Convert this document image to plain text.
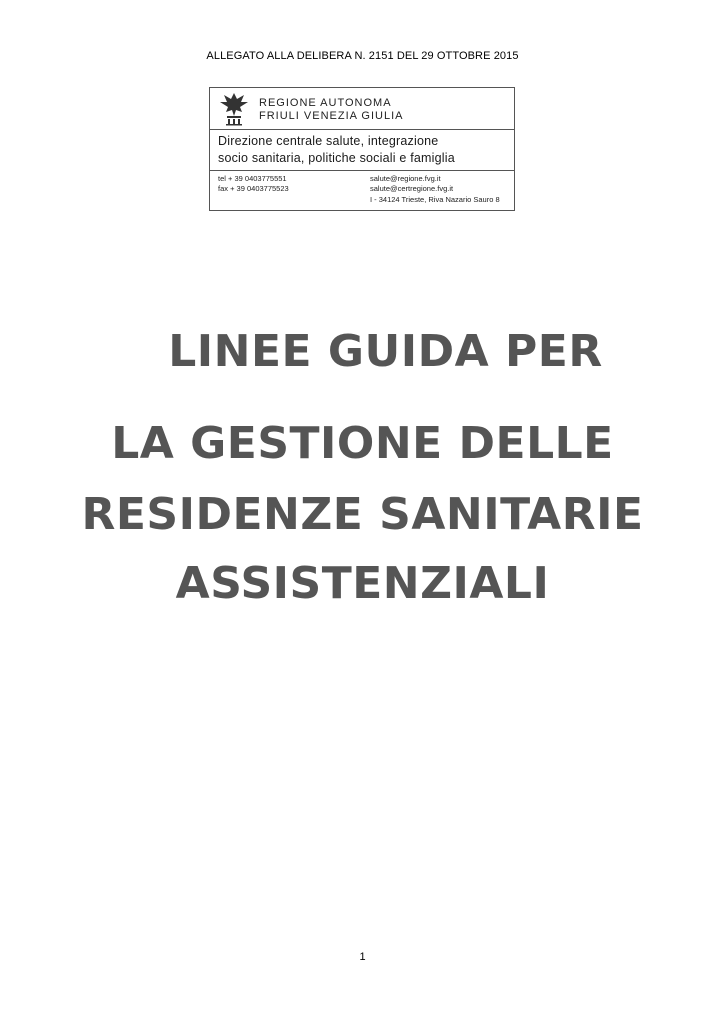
ALLEGATO ALLA DELIBERA N. 2151 DEL 29 OTTOBRE 2015
REGIONE AUTONOMA
FRIULI VENEZIA GIULIA
Direzione centrale salute, integrazione
socio sanitaria, politiche sociali e famiglia
tel + 39 0403775551
fax + 39 0403775523
salute@regione.fvg.it
salute@certregione.fvg.it
I - 34124 Trieste, Riva Nazario Sauro 8
LINEE GUIDA PER
LA GESTIONE DELLE
RESIDENZE SANITARIE
ASSISTENZIALI
1
